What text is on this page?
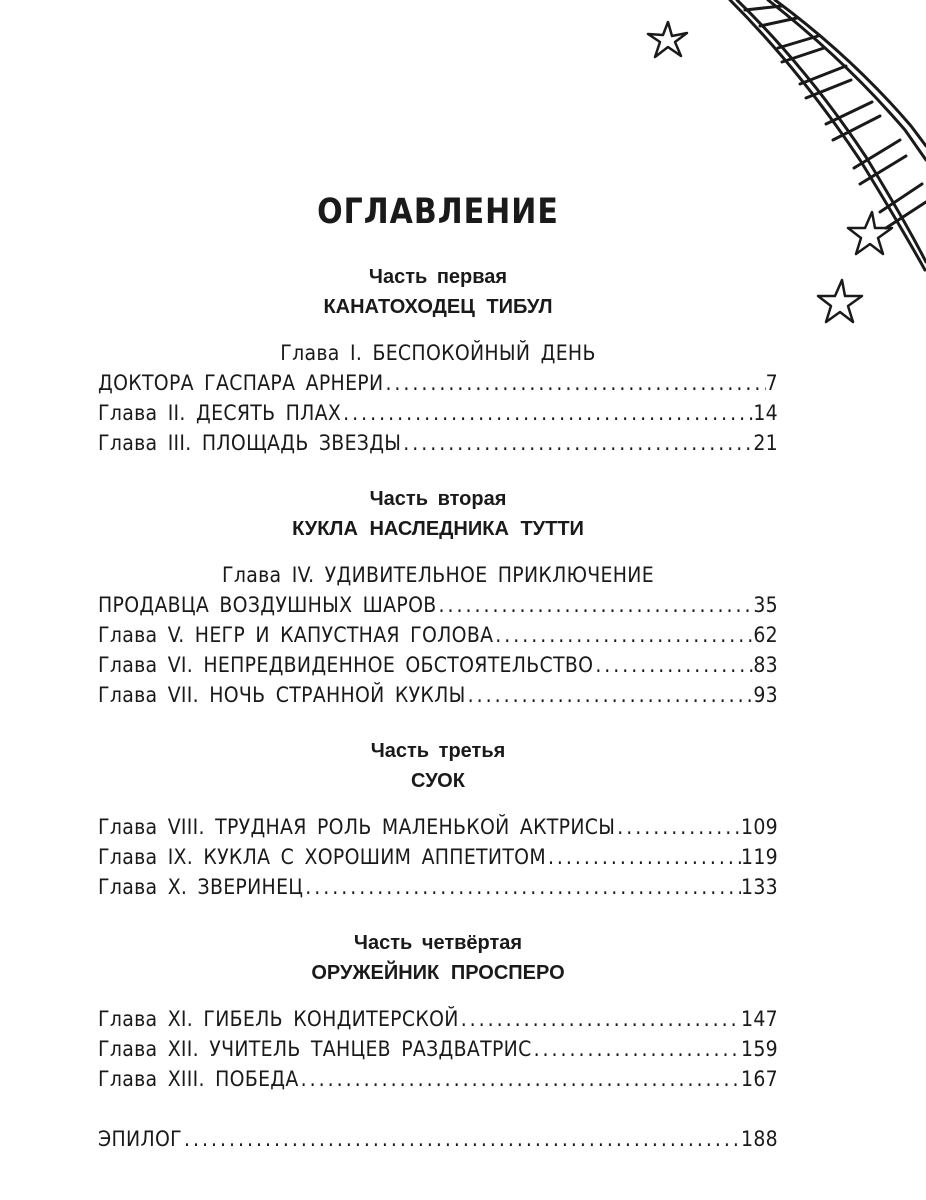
ОГЛАВЛЕНИЕ
Часть первая
КАНАТОХОДЕЦ ТИБУЛ
Глава I. БЕСПОКОЙНЫЙ ДЕНЬ
ДОКТОРА ГАСПАРА АРНЕРИ .....	7
Глава II. ДЕСЯТЬ ПЛАХ .....	14
Глава III. ПЛОЩАДЬ ЗВЕЗДЫ .....	21
Часть вторая
КУКЛА НАСЛЕДНИКА ТУТТИ
Глава IV. УДИВИТЕЛЬНОЕ ПРИКЛЮЧЕНИЕ
ПРОДАВЦА ВОЗДУШНЫХ ШАРОВ .....	35
Глава V. НЕГР И КАПУСТНАЯ ГОЛОВА .....	62
Глава VI. НЕПРЕДВИДЕННОЕ ОБСТОЯТЕЛЬСТВО .....	83
Глава VII. НОЧЬ СТРАННОЙ КУКЛЫ .....	93
Часть третья
СУОК
Глава VIII. ТРУДНАЯ РОЛЬ МАЛЕНЬКОЙ АКТРИСЫ .....	109
Глава IX. КУКЛА С ХОРОШИМ АППЕТИТОМ .....	119
Глава X. ЗВЕРИНЕЦ .....	133
Часть четвёртая
ОРУЖЕЙНИК ПРОСПЕРО
Глава XI. ГИБЕЛЬ КОНДИТЕРСКОЙ .....	147
Глава XII. УЧИТЕЛЬ ТАНЦЕВ РАЗДВАТРИС .....	159
Глава XIII. ПОБЕДА .....	167
ЭПИЛОГ .....	188
